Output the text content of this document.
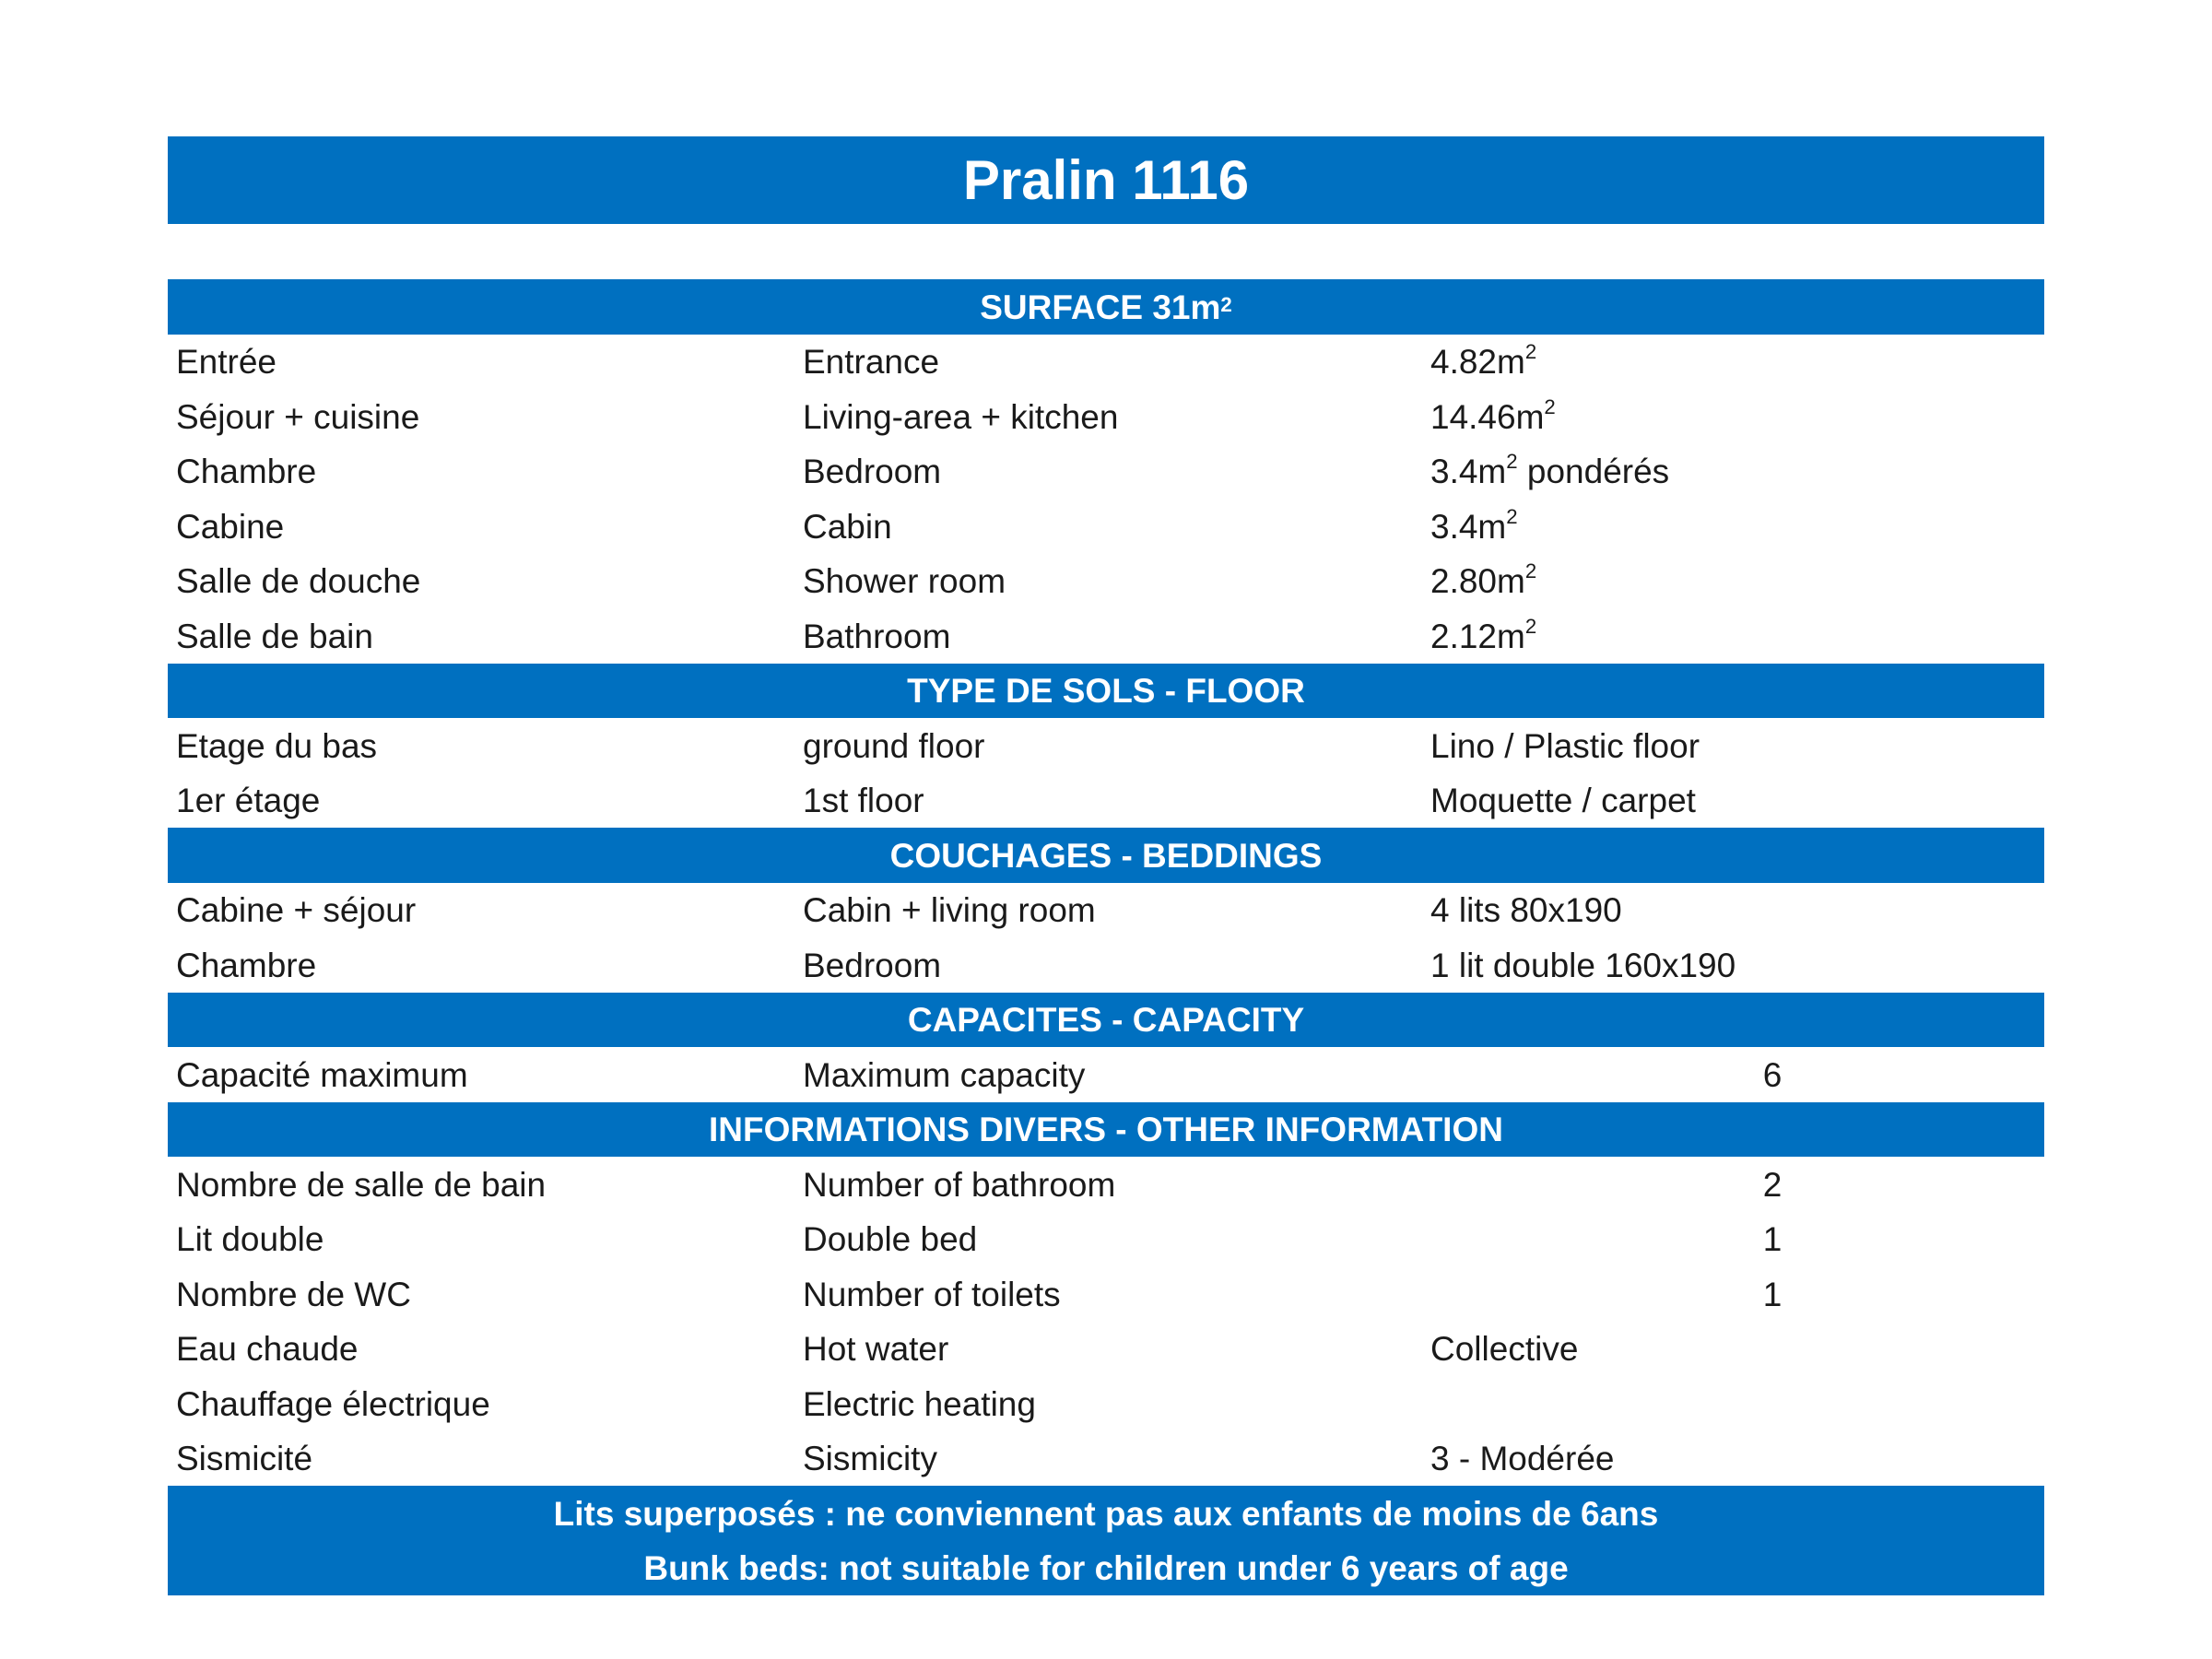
Pralin 1116
SURFACE $31m^2$
Entrée	Entrance	$4.82m^2$
Séjour + cuisine	Living-area + kitchen	$14.46m^2$
Chambre	Bedroom	$3.4m^2$ pondérés
Cabine	Cabin	$3.4m^2$
Salle de douche	Shower room	$2.80m^2$
Salle de bain	Bathroom	$2.12m^2$
TYPE DE SOLS - FLOOR
Etage du bas	ground floor	Lino / Plastic floor
1er étage	1st floor	Moquette / carpet
COUCHAGES - BEDDINGS
Cabine + séjour	Cabin + living room	4 lits 80x190
Chambre	Bedroom	1 lit double 160x190
CAPACITES - CAPACITY
Capacité maximum	Maximum capacity	6
INFORMATIONS DIVERS - OTHER INFORMATION
Nombre de salle de bain	Number of bathroom	2
Lit double	Double bed	1
Nombre de WC	Number of toilets	1
Eau chaude	Hot water	Collective
Chauffage électrique	Electric heating
Sismicité	Sismicity	3 - Modérée
Lits superposés : ne conviennent pas aux enfants de moins de 6ans
Bunk beds: not suitable for children under 6 years of age
